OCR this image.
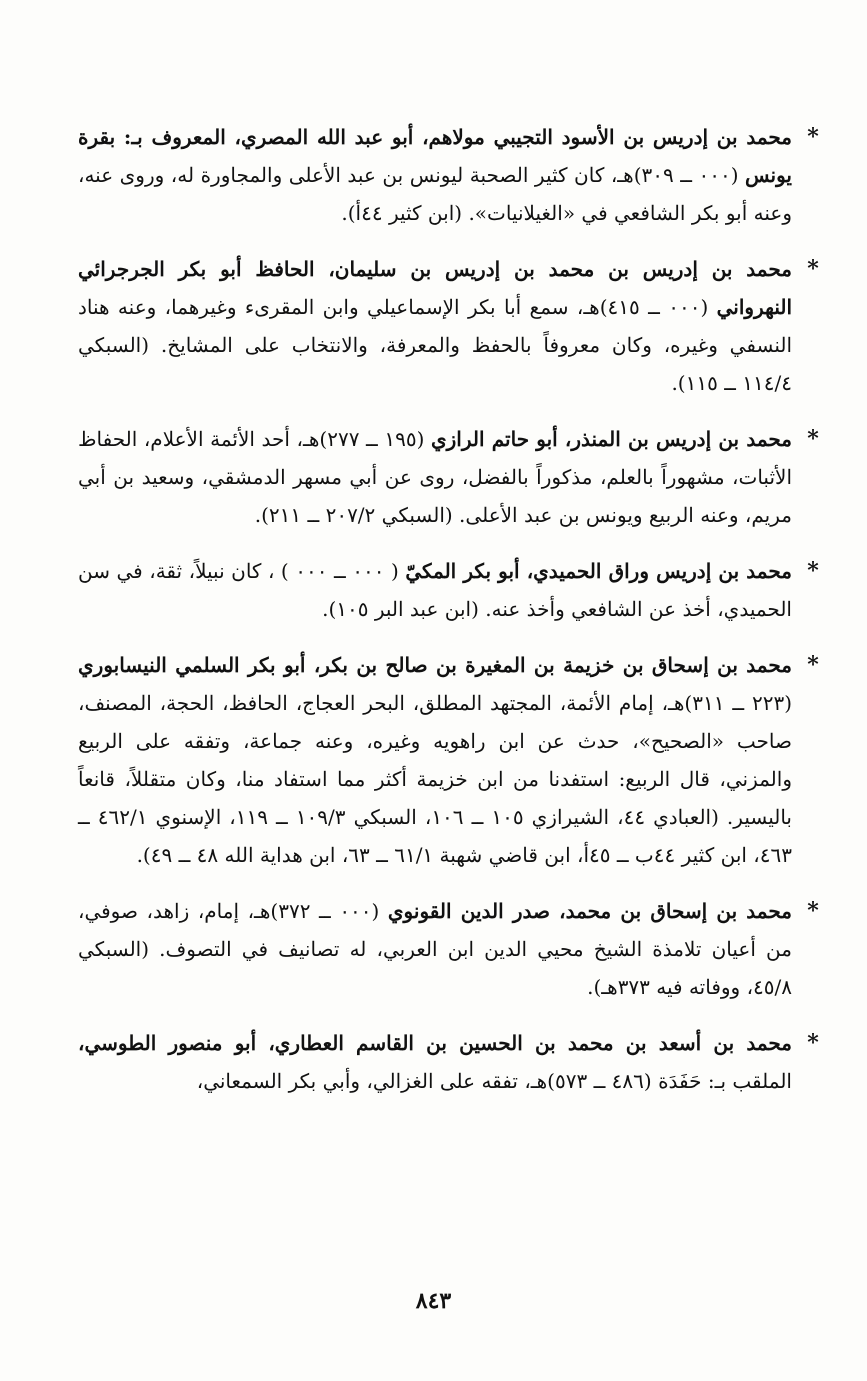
*
محمد بن إدريس بن الأسود التجيبي مولاهم، أبو عبد الله المصري، المعروف بـ: بقرة يونس (٠٠٠ ــ ٣٠٩)هـ، كان كثير الصحبة ليونس بن عبد الأعلى والمجاورة له، وروى عنه، وعنه أبو بكر الشافعي في «الغيلانيات». (ابن كثير ٤٤أ).
*
محمد بن إدريس بن محمد بن إدريس بن سليمان، الحافظ أبو بكر الجرجرائي النهرواني (٠٠٠ ــ ٤١٥)هـ، سمع أبا بكر الإسماعيلي وابن المقرىء وغيرهما، وعنه هناد النسفي وغيره، وكان معروفاً بالحفظ والمعرفة، والانتخاب على المشايخ. (السبكي ١١٤/٤ ــ ١١٥).
*
محمد بن إدريس بن المنذر، أبو حاتم الرازي (١٩٥ ــ ٢٧٧)هـ، أحد الأئمة الأعلام، الحفاظ الأثبات، مشهوراً بالعلم، مذكوراً بالفضل، روى عن أبي مسهر الدمشقي، وسعيد بن أبي مريم، وعنه الربيع ويونس بن عبد الأعلى. (السبكي ٢٠٧/٢ ــ ٢١١).
*
محمد بن إدريس وراق الحميدي، أبو بكر المكيّ ( ٠٠٠ ــ ٠٠٠ ) ، كان نبيلاً، ثقة، في سن الحميدي، أخذ عن الشافعي وأخذ عنه. (ابن عبد البر ١٠٥).
*
محمد بن إسحاق بن خزيمة بن المغيرة بن صالح بن بكر، أبو بكر السلمي النيسابوري (٢٢٣ ــ ٣١١)هـ، إمام الأئمة، المجتهد المطلق، البحر العجاج، الحافظ، الحجة، المصنف، صاحب «الصحيح»، حدث عن ابن راهويه وغيره، وعنه جماعة، وتفقه على الربيع والمزني، قال الربيع: استفدنا من ابن خزيمة أكثر مما استفاد منا، وكان متقللاً، قانعاً باليسير. (العبادي ٤٤، الشيرازي ١٠٥ ــ ١٠٦، السبكي ١٠٩/٣ ــ ١١٩، الإسنوي ٤٦٢/١ ــ ٤٦٣، ابن كثير ٤٤ب ــ ٤٥أ، ابن قاضي شهبة ٦١/١ ــ ٦٣، ابن هداية الله ٤٨ ــ ٤٩).
*
محمد بن إسحاق بن محمد، صدر الدين القونوي (٠٠٠ ــ ٣٧٢)هـ، إمام، زاهد، صوفي، من أعيان تلامذة الشيخ محيي الدين ابن العربي، له تصانيف في التصوف. (السبكي ٤٥/٨، ووفاته فيه ٣٧٣هـ).
*
محمد بن أسعد بن محمد بن الحسين بن القاسم العطاري، أبو منصور الطوسي، الملقب بـ: حَفَدَة (٤٨٦ ــ ٥٧٣)هـ، تفقه على الغزالي، وأبي بكر السمعاني،
٨٤٣
